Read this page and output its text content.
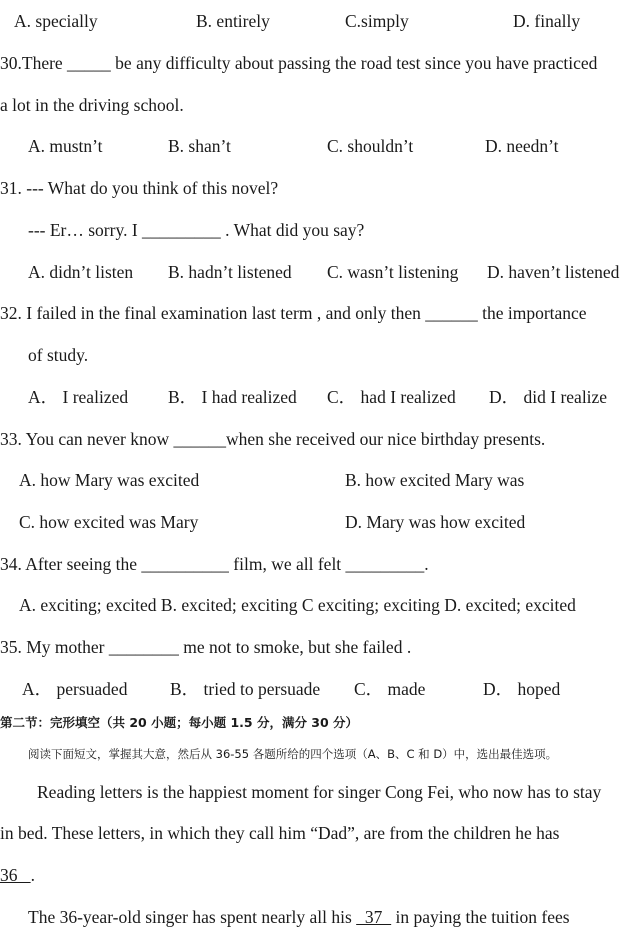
A. specially	B. entirely	C.simply	D. finally
30.There _____ be any difficulty about passing the road test since you have practiced
a lot in the driving school.
A. mustn’t	B. shan’t	C. shouldn’t	D. needn’t
31. --- What do you think of this novel?
--- Er… sorry. I _________ . What did you say?
A. didn’t listen B. hadn’t listened C. wasn’t listening D. haven’t listened
32. I failed in the final examination last term , and only then ______ the importance
of study.
A． I realized B． I had realized C． had I realized D． did I realize
33. You can never know ______when she received our nice birthday presents.
A. how Mary was excited	B. how excited Mary was
C. how excited was Mary	D. Mary was how excited
34. After seeing the __________ film, we all felt _________.
A. exciting; excited B. excited; exciting C exciting; exciting D. excited; excited
35. My mother ________ me not to smoke, but she failed .
A． persuaded B． tried to persuade C． made	D． hoped
第二节：完形填空（共 20 小题；每小题 1.5 分，满分 30 分）
阅读下面短文，掌握其大意，然后从 36-55 各题所给的四个选项（A、B、C 和 D）中，选出最佳选项。
Reading letters is the happiest moment for singer Cong Fei, who now has to stay
in bed. These letters, in which they call him “Dad”, are from the children he has
36   .
The 36-year-old singer has spent nearly all his   37   in paying the tuition fees
